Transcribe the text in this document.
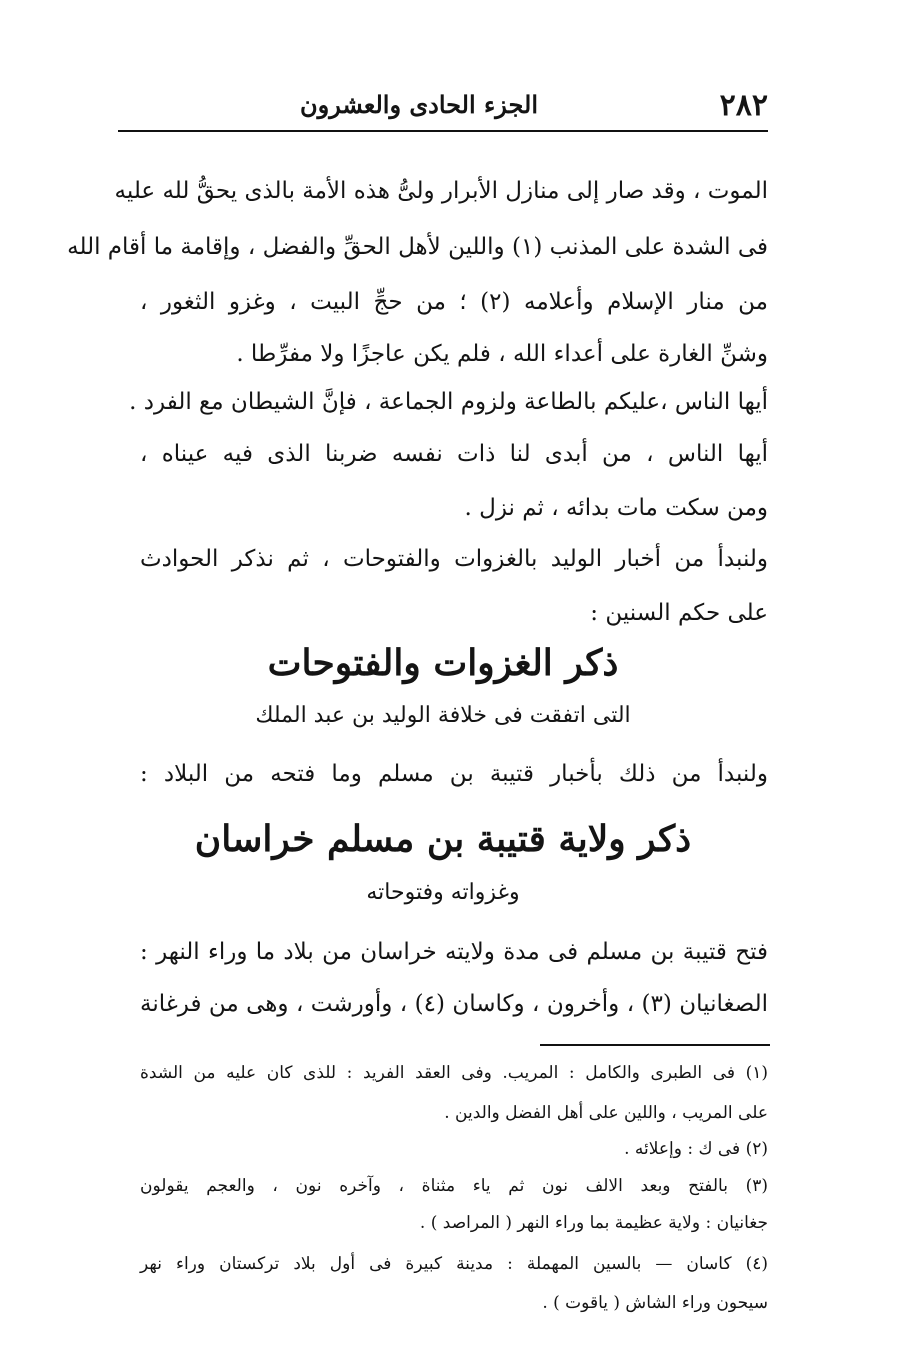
٢٨٢
الجزء الحادى والعشرون
الموت ، وقد صار إلى منازل الأبرار ولىُّ هذه الأمة بالذى يحقُّ لله عليه
فى الشدة على المذنب (١) واللين لأهل الحقِّ والفضل ، وإقامة ما أقام الله
من منار الإسلام وأعلامه (٢) ؛ من حجِّ البيت ، وغزو الثغور ،
وشنِّ الغارة على أعداء الله ، فلم يكن عاجزًا ولا مفرِّطا .
أيها الناس ،عليكم بالطاعة ولزوم الجماعة ، فإنَّ الشيطان مع الفرد .
أيها الناس ، من أبدى لنا ذات نفسه ضربنا الذى فيه عيناه ،
ومن سكت مات بدائه ، ثم نزل .
ولنبدأ من أخبار الوليد بالغزوات والفتوحات ، ثم نذكر الحوادث
على حكم السنين :
ذكر الغزوات والفتوحات
التى اتفقت فى خلافة الوليد بن عبد الملك
ولنبدأ من ذلك بأخبار قتيبة بن مسلم وما فتحه من البلاد :
ذكر ولاية قتيبة بن مسلم خراسان
وغزواته وفتوحاته
فتح قتيبة بن مسلم فى مدة ولايته خراسان من بلاد ما وراء النهر :
الصغانيان (٣) ، وأخرون ، وكاسان (٤) ، وأورشت ، وهى من فرغانة
(١) فى الطبرى والكامل : المريب. وفى العقد الفريد : للذى كان عليه من الشدة
على المريب ، واللين على أهل الفضل والدين .
(٢) فى ك : وإعلائه .
(٣) بالفتح وبعد الالف نون ثم ياء مثناة ، وآخره نون ، والعجم يقولون
جغانيان : ولاية عظيمة بما وراء النهر ( المراصد ) .
(٤) كاسان — بالسين المهملة : مدينة كبيرة فى أول بلاد تركستان وراء نهر
سيحون وراء الشاش ( ياقوت ) .
